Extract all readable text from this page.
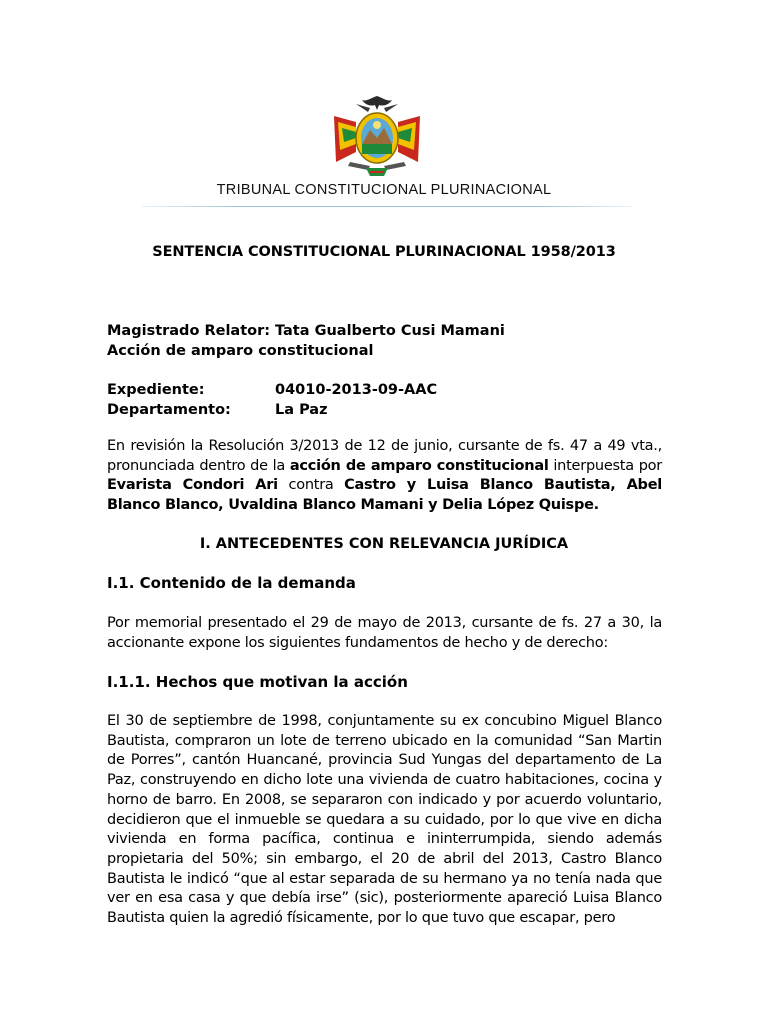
TRIBUNAL CONSTITUCIONAL PLURINACIONAL
SENTENCIA CONSTITUCIONAL PLURINACIONAL 1958/2013
Magistrado Relator: Tata Gualberto Cusi Mamani
Acción de amparo constitucional
Expediente:	04010-2013-09-AAC
Departamento:	La Paz
En revisión la Resolución 3/2013 de 12 de junio, cursante de fs. 47 a 49 vta., pronunciada dentro de la acción de amparo constitucional interpuesta por Evarista Condori Ari contra Castro y Luisa Blanco Bautista, Abel Blanco Blanco, Uvaldina Blanco Mamani y Delia López Quispe.
I. ANTECEDENTES CON RELEVANCIA JURÍDICA
I.1. Contenido de la demanda
Por memorial presentado el 29 de mayo de 2013, cursante de fs. 27 a 30, la accionante expone los siguientes fundamentos de hecho y de derecho:
I.1.1. Hechos que motivan la acción
El 30 de septiembre de 1998, conjuntamente su ex concubino Miguel Blanco Bautista, compraron un lote de terreno ubicado en la comunidad “San Martin de Porres”, cantón Huancané, provincia Sud Yungas del departamento de La Paz, construyendo en dicho lote una vivienda de cuatro habitaciones, cocina y horno de barro. En 2008, se separaron con indicado y por acuerdo voluntario, decidieron que el inmueble se quedara a su cuidado, por lo que vive en dicha vivienda en forma pacífica, continua e ininterrumpida, siendo además propietaria del 50%; sin embargo, el 20 de abril del 2013, Castro Blanco Bautista le indicó “que al estar separada de su hermano ya no tenía nada que ver en esa casa y que debía irse” (sic), posteriormente apareció Luisa Blanco Bautista quien la agredió físicamente, por lo que tuvo que escapar, pero
